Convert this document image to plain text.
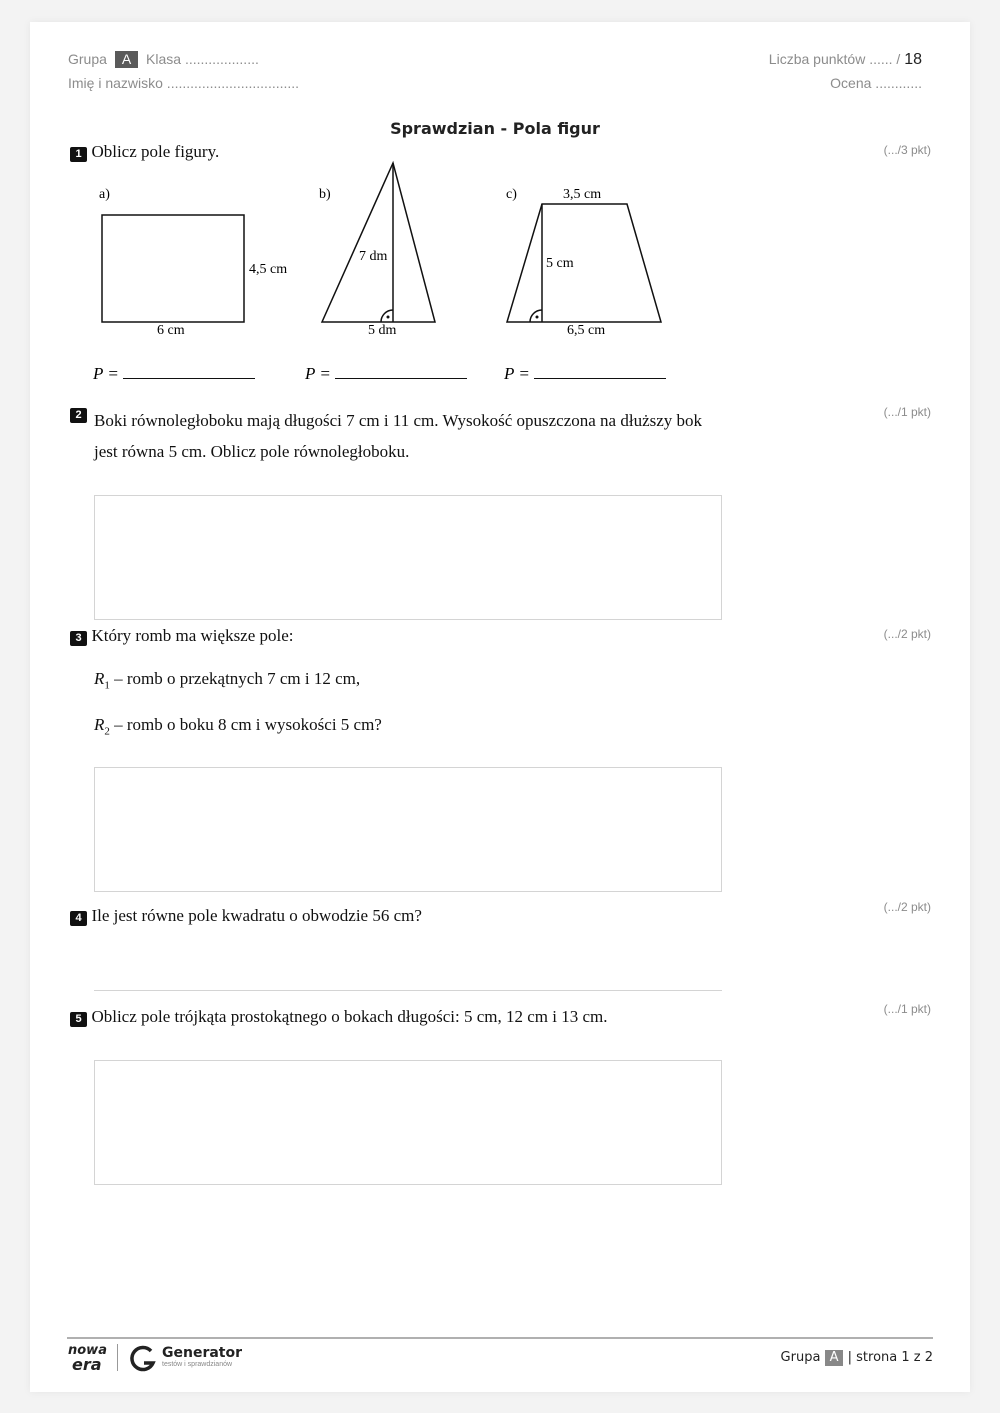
Grupa A Klasa ...................
Imię i nazwisko ..................................
Liczba punktów ...... / 18
Ocena ............
Sprawdzian - Pola figur
1 Oblicz pole figury.	(.../3 pkt)
a)
4,5 cm
6 cm
b)
7 dm
5 dm
c)	3,5 cm
5 cm
6,5 cm
P =	P =	P =
2 Boki równoległoboku mają długości 7 cm i 11 cm. Wysokość opuszczona na dłuższy bok
jest równa 5 cm. Oblicz pole równoległoboku.
(.../1 pkt)
3 Który romb ma większe pole:	(.../2 pkt)
$R_1$ – romb o przekątnych 7 cm i 12 cm,
$R_2$ – romb o boku 8 cm i wysokości 5 cm?
4 Ile jest równe pole kwadratu o obwodzie 56 cm?	(.../2 pkt)
5 Oblicz pole trójkąta prostokątnego o bokach długości: 5 cm, 12 cm i 13 cm.	(.../1 pkt)
nowa
era
Generator
testów i sprawdzianów	Grupa A | strona 1 z 2
